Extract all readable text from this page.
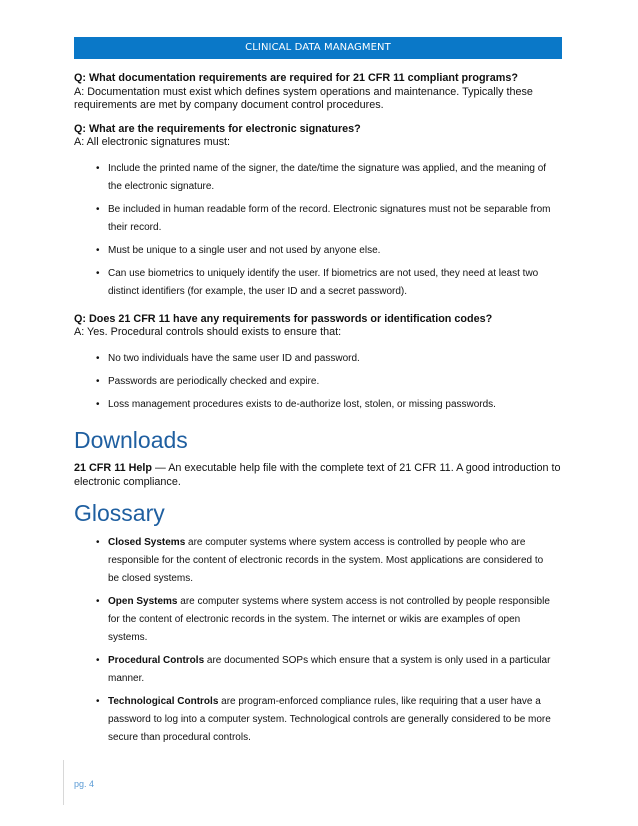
CLINICAL DATA MANAGMENT
Q: What documentation requirements are required for 21 CFR 11 compliant programs?
A: Documentation must exist which defines system operations and maintenance. Typically these requirements are met by company document control procedures.
Q: What are the requirements for electronic signatures?
A: All electronic signatures must:
• Include the printed name of the signer, the date/time the signature was applied, and the meaning of the electronic signature.
• Be included in human readable form of the record. Electronic signatures must not be separable from their record.
• Must be unique to a single user and not used by anyone else.
• Can use biometrics to uniquely identify the user. If biometrics are not used, they need at least two distinct identifiers (for example, the user ID and a secret password).
Q: Does 21 CFR 11 have any requirements for passwords or identification codes?
A: Yes. Procedural controls should exists to ensure that:
• No two individuals have the same user ID and password.
• Passwords are periodically checked and expire.
• Loss management procedures exists to de-authorize lost, stolen, or missing passwords.
Downloads
21 CFR 11 Help — An executable help file with the complete text of 21 CFR 11. A good introduction to electronic compliance.
Glossary
• Closed Systems are computer systems where system access is controlled by people who are responsible for the content of electronic records in the system. Most applications are considered to be closed systems.
• Open Systems are computer systems where system access is not controlled by people responsible for the content of electronic records in the system. The internet or wikis are examples of open systems.
• Procedural Controls are documented SOPs which ensure that a system is only used in a particular manner.
• Technological Controls are program-enforced compliance rules, like requiring that a user have a password to log into a computer system. Technological controls are generally considered to be more secure than procedural controls.
pg. 4
